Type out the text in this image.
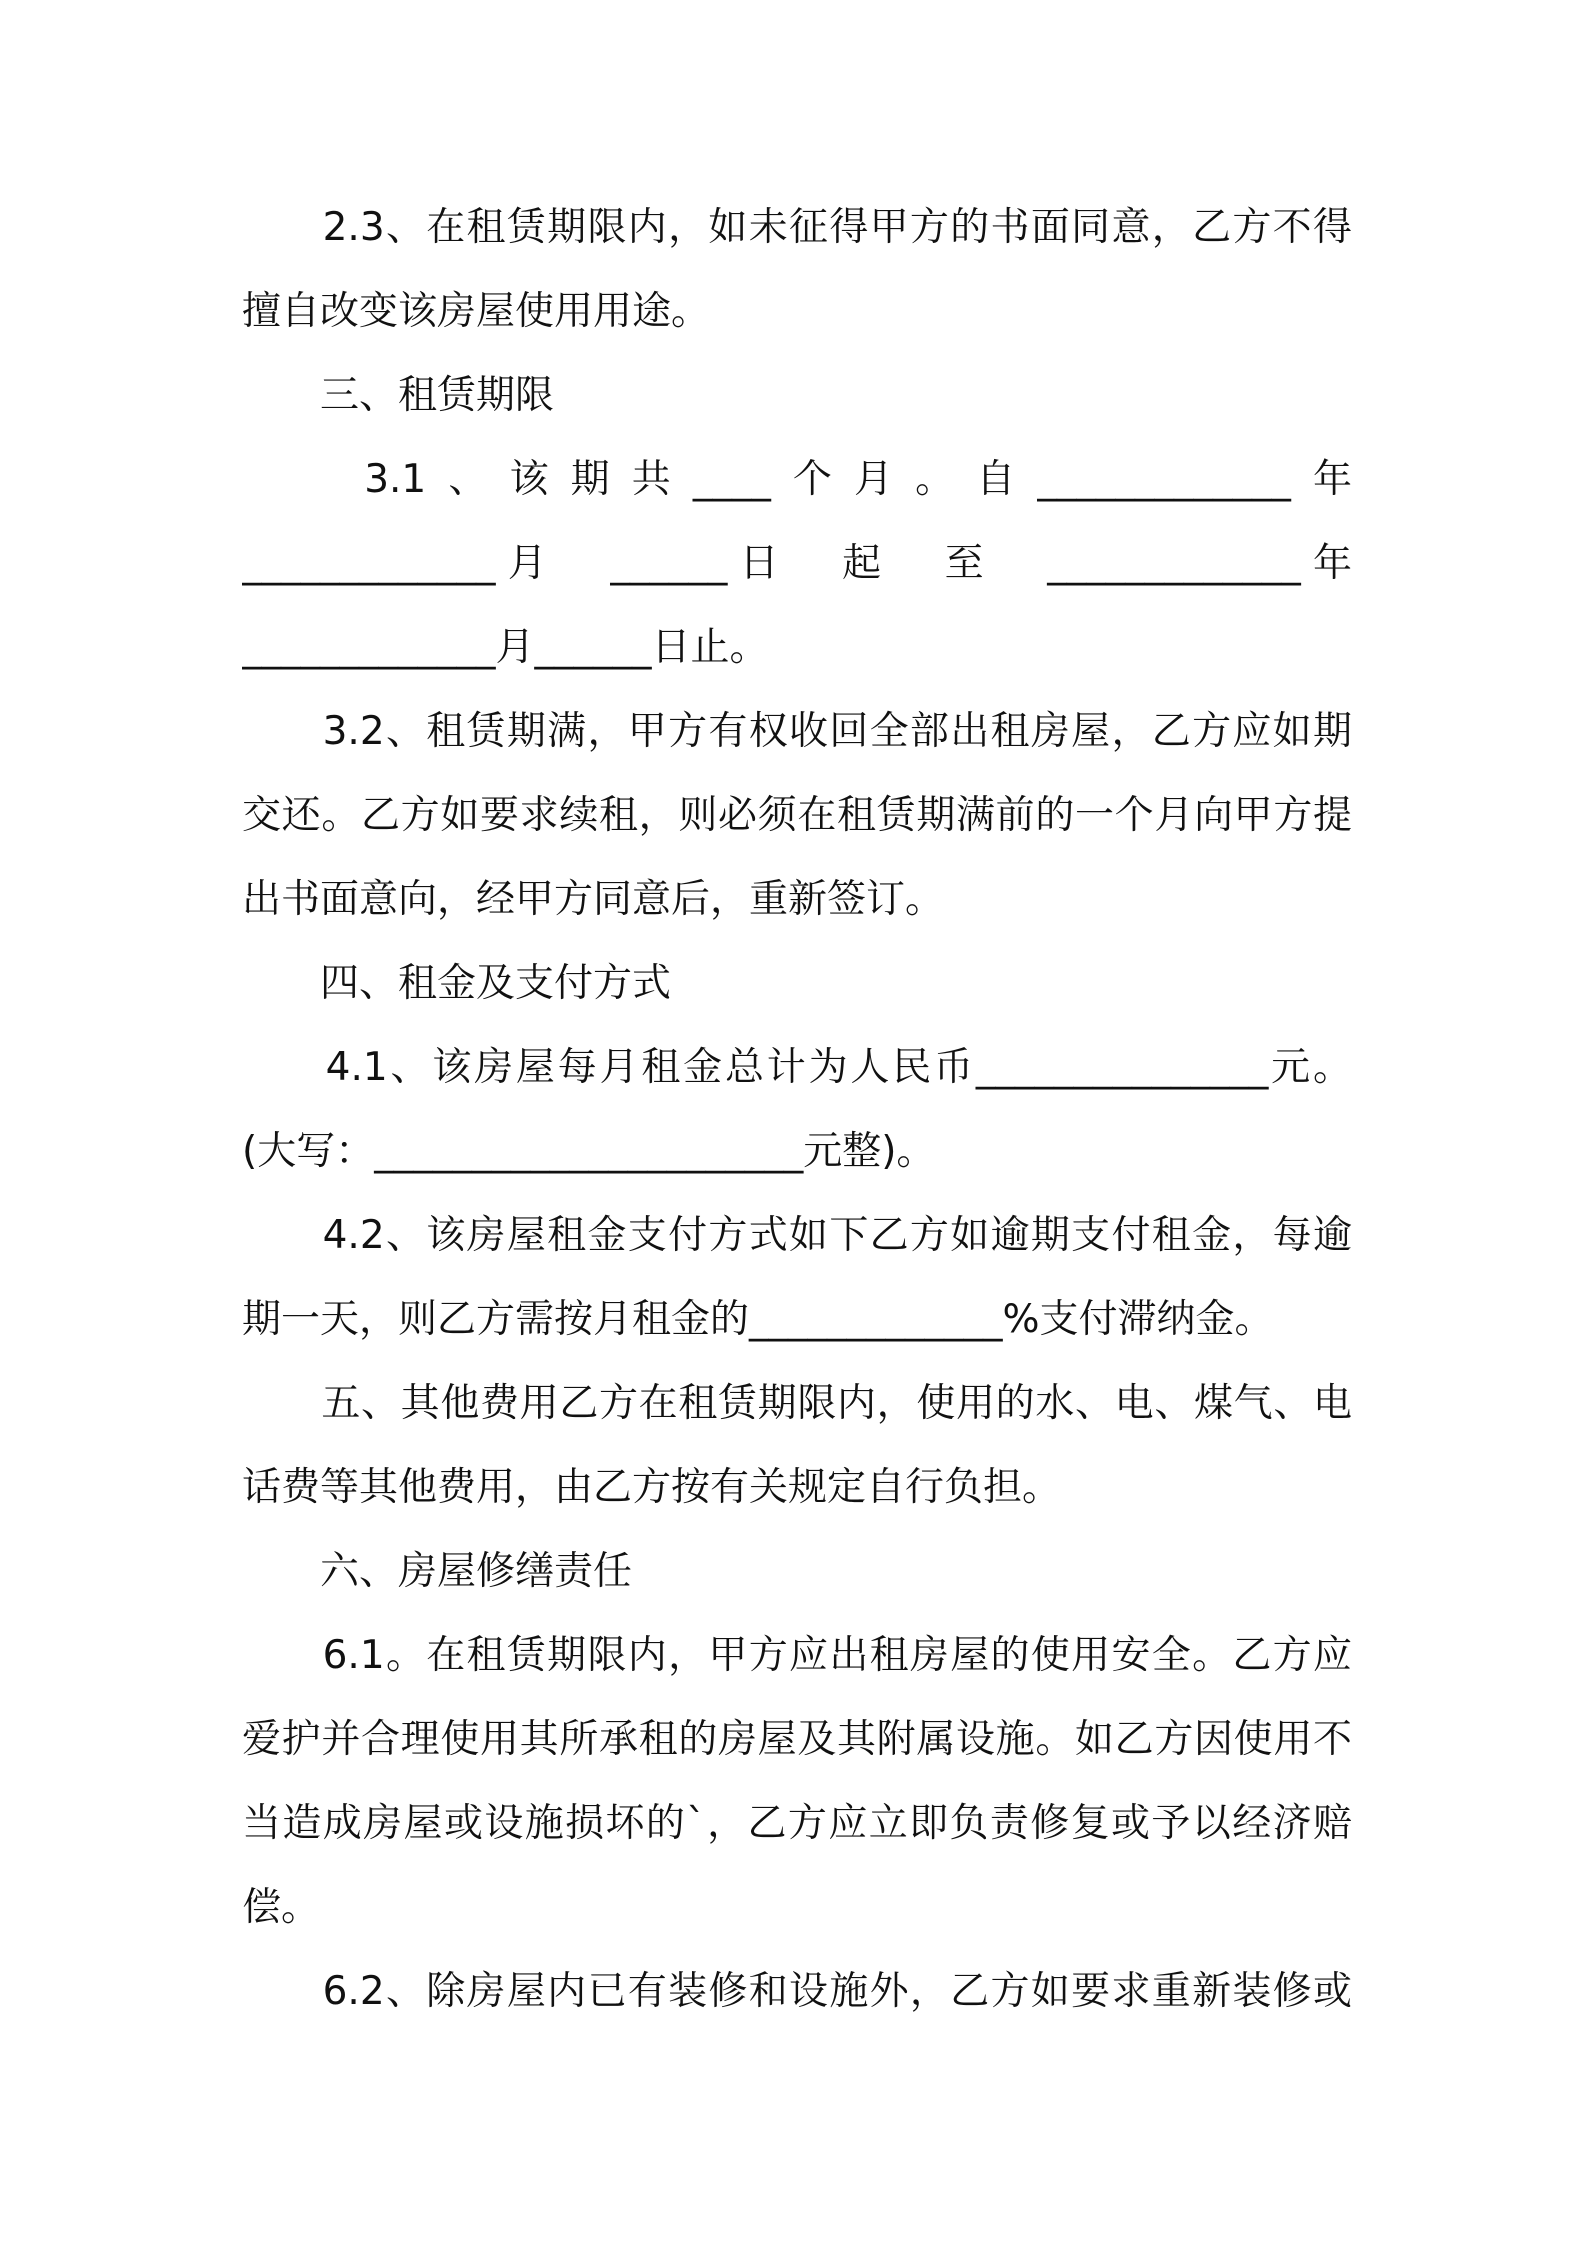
　　2.3、在租赁期限内，如未征得甲方的书面同意，乙方不得
擅自改变该房屋使用用途。
　　三、租赁期限
　　3.1、该期共____个月。自_____________年
_____________月　______日　起　至　_____________年
_____________月______日止。
　　3.2、租赁期满，甲方有权收回全部出租房屋，乙方应如期
交还。乙方如要求续租，则必须在租赁期满前的一个月向甲方提
出书面意向，经甲方同意后，重新签订。
　　四、租金及支付方式
　　4.1、该房屋每月租金总计为人民币_______________元。
(大写：______________________元整)。
　　4.2、该房屋租金支付方式如下乙方如逾期支付租金，每逾
期一天，则乙方需按月租金的_____________%支付滞纳金。
　　五、其他费用乙方在租赁期限内，使用的水、电、煤气、电
话费等其他费用，由乙方按有关规定自行负担。
　　六、房屋修缮责任
　　6.1。在租赁期限内，甲方应出租房屋的使用安全。乙方应
爱护并合理使用其所承租的房屋及其附属设施。如乙方因使用不
当造成房屋或设施损坏的`，乙方应立即负责修复或予以经济赔
偿。
　　6.2、除房屋内已有装修和设施外，乙方如要求重新装修或
